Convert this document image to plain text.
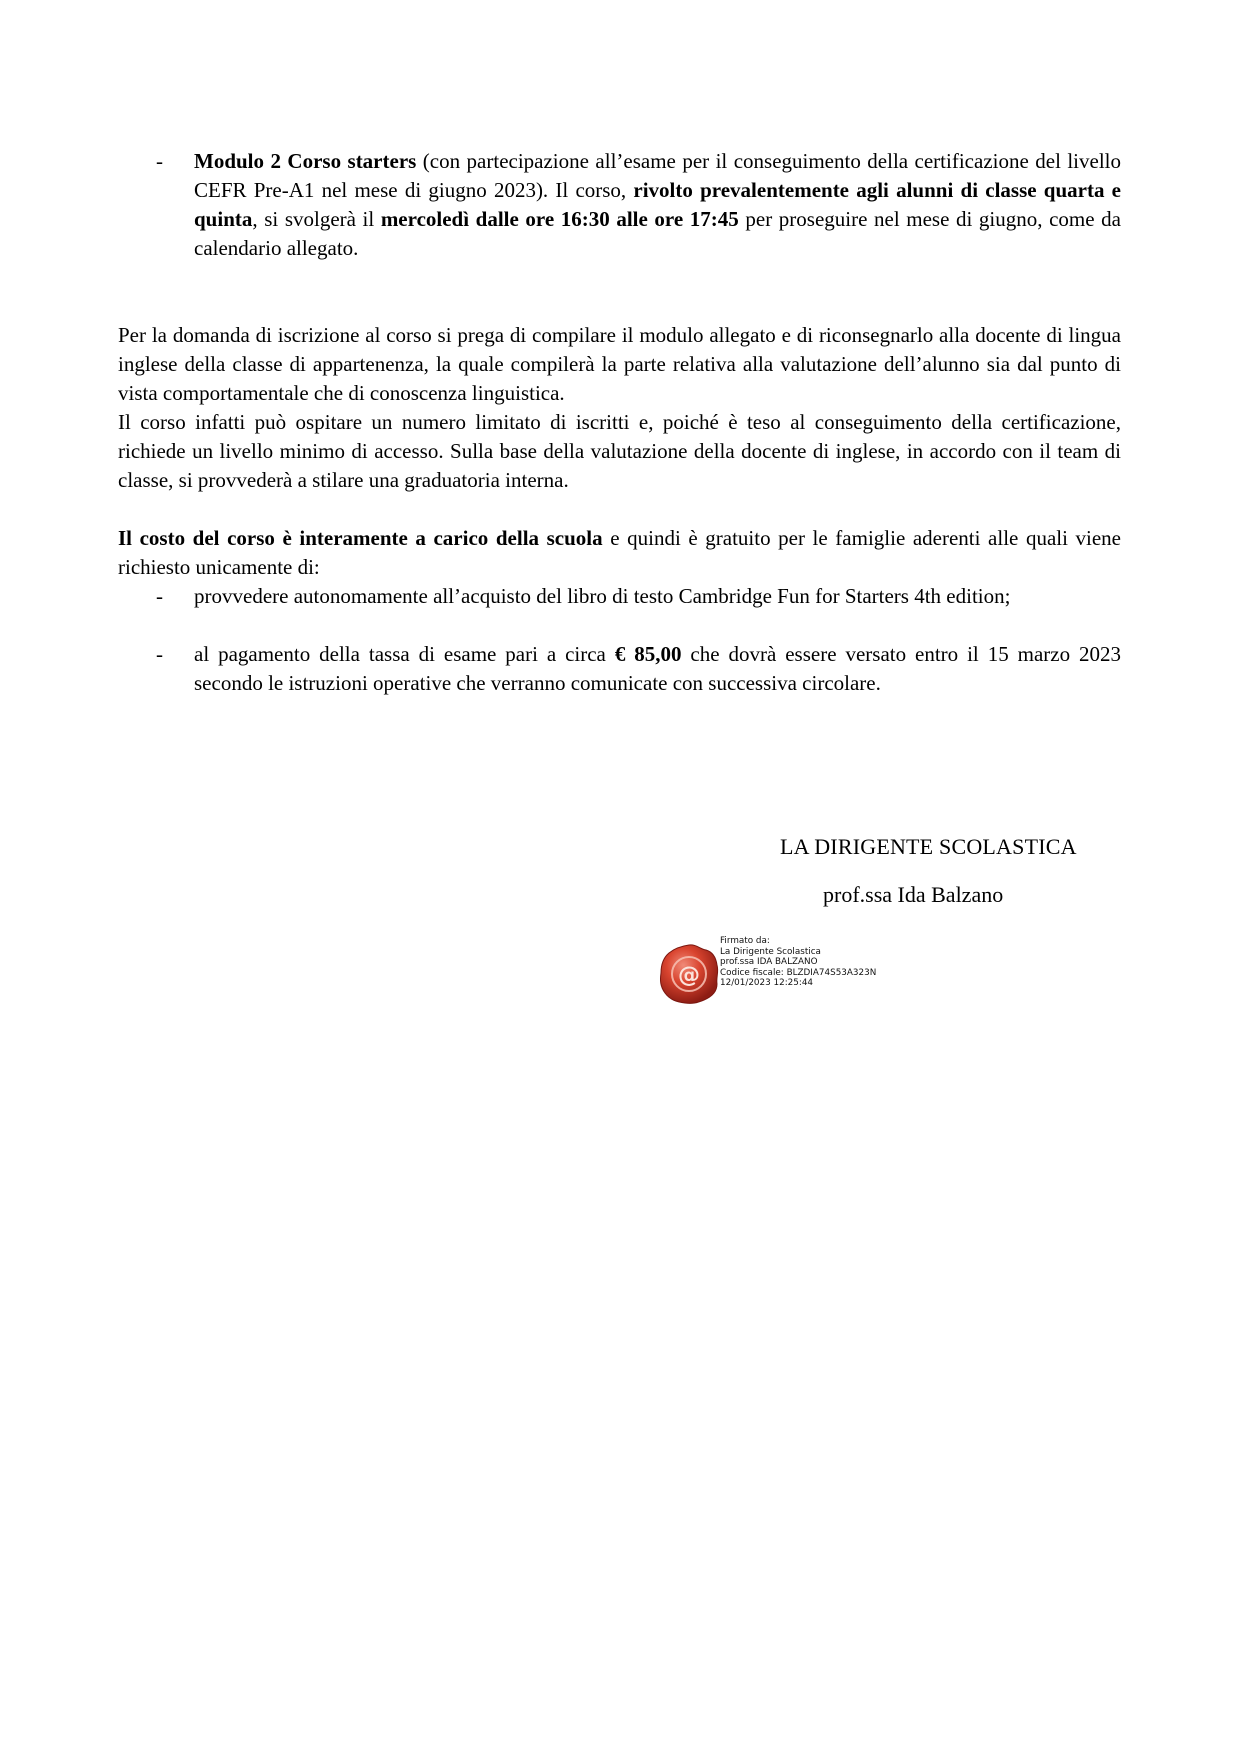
- Modulo 2 Corso starters (con partecipazione all’esame per il conseguimento della certificazione del livello CEFR Pre-A1 nel mese di giugno 2023). Il corso, rivolto prevalentemente agli alunni di classe quarta e quinta, si svolgerà il mercoledì dalle ore 16:30 alle ore 17:45 per proseguire nel mese di giugno, come da calendario allegato.
Per la domanda di iscrizione al corso si prega di compilare il modulo allegato e di riconsegnarlo alla docente di lingua inglese della classe di appartenenza, la quale compilerà la parte relativa alla valutazione dell’alunno sia dal punto di vista comportamentale che di conoscenza linguistica.
Il corso infatti può ospitare un numero limitato di iscritti e, poiché è teso al conseguimento della certificazione, richiede un livello minimo di accesso. Sulla base della valutazione della docente di inglese, in accordo con il team di classe, si provvederà a stilare una graduatoria interna.
Il costo del corso è interamente a carico della scuola e quindi è gratuito per le famiglie aderenti alle quali viene richiesto unicamente di:
- provvedere autonomamente all’acquisto del libro di testo Cambridge Fun for Starters 4th edition;
- al pagamento della tassa di esame pari a circa € 85,00 che dovrà essere versato entro il 15 marzo 2023 secondo le istruzioni operative che verranno comunicate con successiva circolare.
LA DIRIGENTE SCOLASTICA
prof.ssa Ida Balzano
@
Firmato da:
La Dirigente Scolastica
prof.ssa IDA BALZANO
Codice fiscale: BLZDIA74S53A323N
12/01/2023 12:25:44
